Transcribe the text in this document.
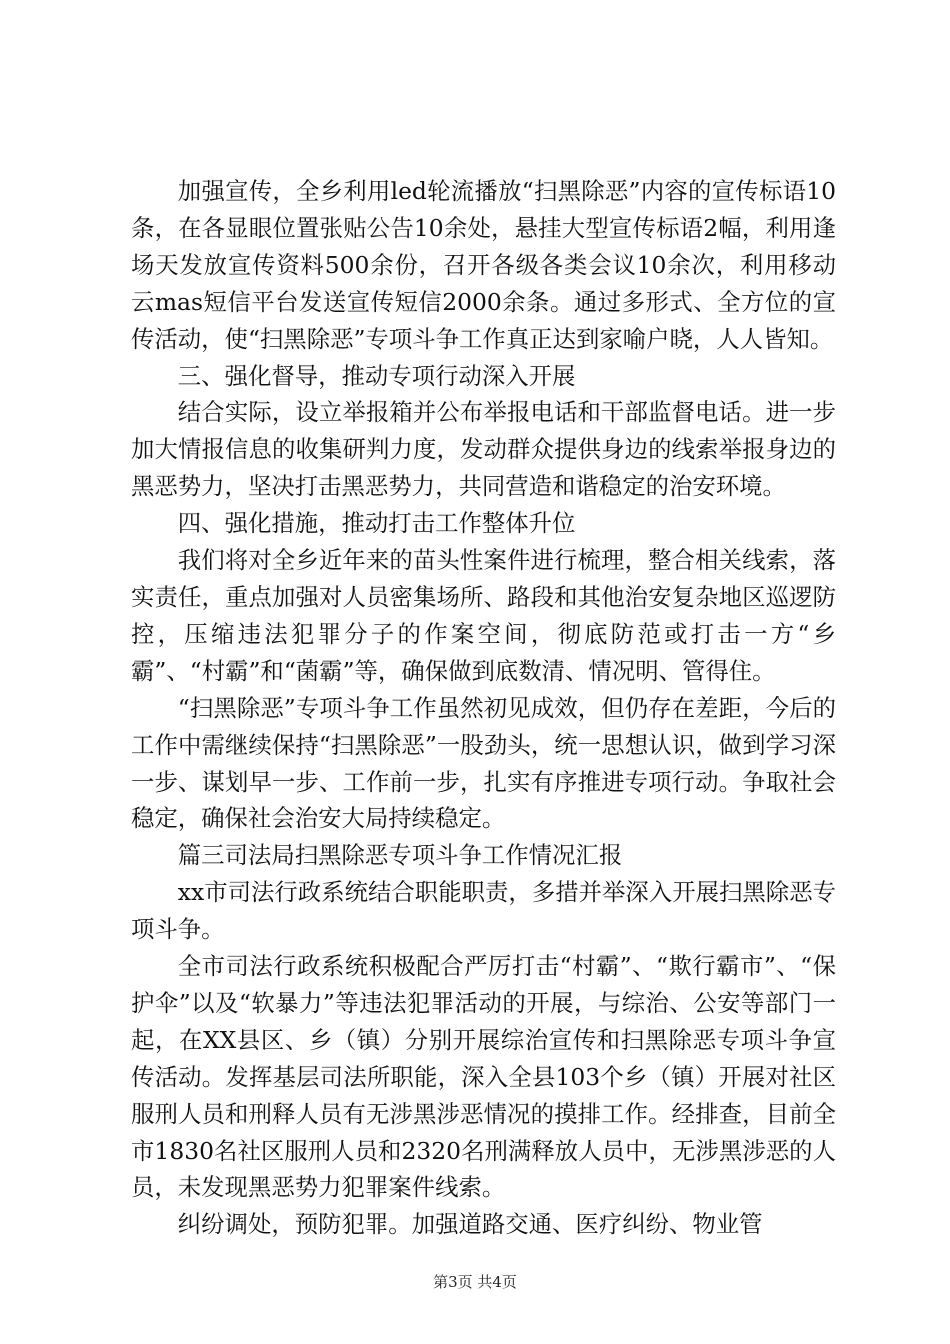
加强宣传，全乡利用led轮流播放“扫黑除恶”内容的宣传标语10条，在各显眼位置张贴公告10余处，悬挂大型宣传标语2幅，利用逢场天发放宣传资料500余份，召开各级各类会议10余次，利用移动云mas短信平台发送宣传短信2000余条。通过多形式、全方位的宣传活动，使“扫黑除恶”专项斗争工作真正达到家喻户晓，人人皆知。

三、强化督导，推动专项行动深入开展

结合实际，设立举报箱并公布举报电话和干部监督电话。进一步加大情报信息的收集研判力度，发动群众提供身边的线索举报身边的黑恶势力，坚决打击黑恶势力，共同营造和谐稳定的治安环境。

四、强化措施，推动打击工作整体升位

我们将对全乡近年来的苗头性案件进行梳理，整合相关线索，落实责任，重点加强对人员密集场所、路段和其他治安复杂地区巡逻防控，压缩违法犯罪分子的作案空间，彻底防范或打击一方“乡霸”、“村霸”和“菌霸”等，确保做到底数清、情况明、管得住。

“扫黑除恶”专项斗争工作虽然初见成效，但仍存在差距，今后的工作中需继续保持“扫黑除恶”一股劲头，统一思想认识，做到学习深一步、谋划早一步、工作前一步，扎实有序推进专项行动。争取社会稳定，确保社会治安大局持续稳定。

篇三司法局扫黑除恶专项斗争工作情况汇报

xx市司法行政系统结合职能职责，多措并举深入开展扫黑除恶专项斗争。

全市司法行政系统积极配合严厉打击“村霸”、“欺行霸市”、“保护伞”以及“软暴力”等违法犯罪活动的开展，与综治、公安等部门一起，在XX县区、乡（镇）分别开展综治宣传和扫黑除恶专项斗争宣传活动。发挥基层司法所职能，深入全县103个乡（镇）开展对社区服刑人员和刑释人员有无涉黑涉恶情况的摸排工作。经排查，目前全市1830名社区服刑人员和2320名刑满释放人员中，无涉黑涉恶的人员，未发现黑恶势力犯罪案件线索。

纠纷调处，预防犯罪。加强道路交通、医疗纠纷、物业管

第3页 共4页
